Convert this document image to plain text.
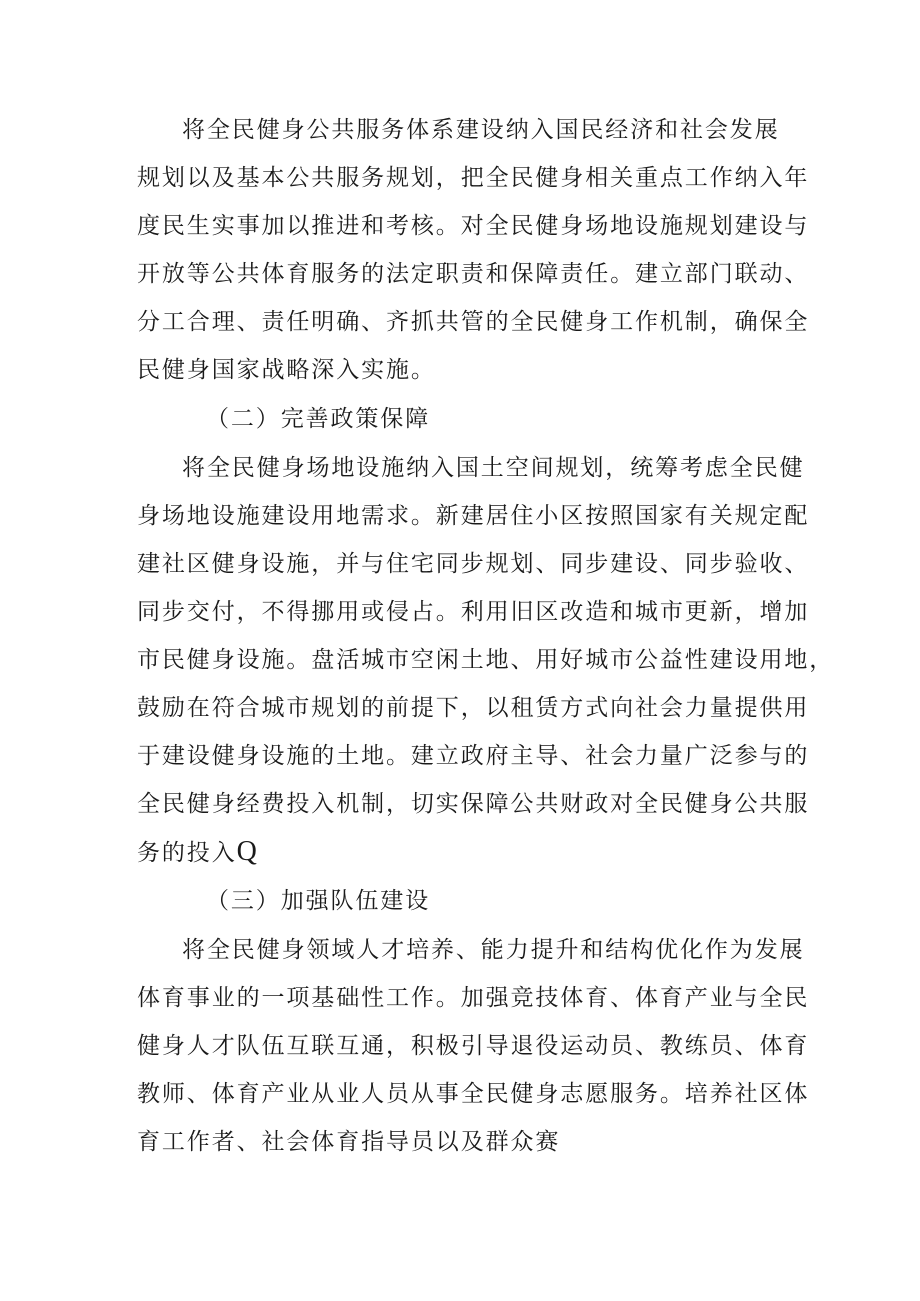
将全民健身公共服务体系建设纳入国民经济和社会发展
规划以及基本公共服务规划，把全民健身相关重点工作纳入年
度民生实事加以推进和考核。对全民健身场地设施规划建设与
开放等公共体育服务的法定职责和保障责任。建立部门联动、
分工合理、责任明确、齐抓共管的全民健身工作机制，确保全
民健身国家战略深入实施。
（二）完善政策保障
将全民健身场地设施纳入国土空间规划，统筹考虑全民健
身场地设施建设用地需求。新建居住小区按照国家有关规定配
建社区健身设施，并与住宅同步规划、同步建设、同步验收、
同步交付，不得挪用或侵占。利用旧区改造和城市更新，增加
市民健身设施。盘活城市空闲土地、用好城市公益性建设用地，
鼓励在符合城市规划的前提下，以租赁方式向社会力量提供用
于建设健身设施的土地。建立政府主导、社会力量广泛参与的
全民健身经费投入机制，切实保障公共财政对全民健身公共服
务的投入Q
（三）加强队伍建设
将全民健身领域人才培养、能力提升和结构优化作为发展
体育事业的一项基础性工作。加强竞技体育、体育产业与全民
健身人才队伍互联互通，积极引导退役运动员、教练员、体育
教师、体育产业从业人员从事全民健身志愿服务。培养社区体
育工作者、社会体育指导员以及群众赛
